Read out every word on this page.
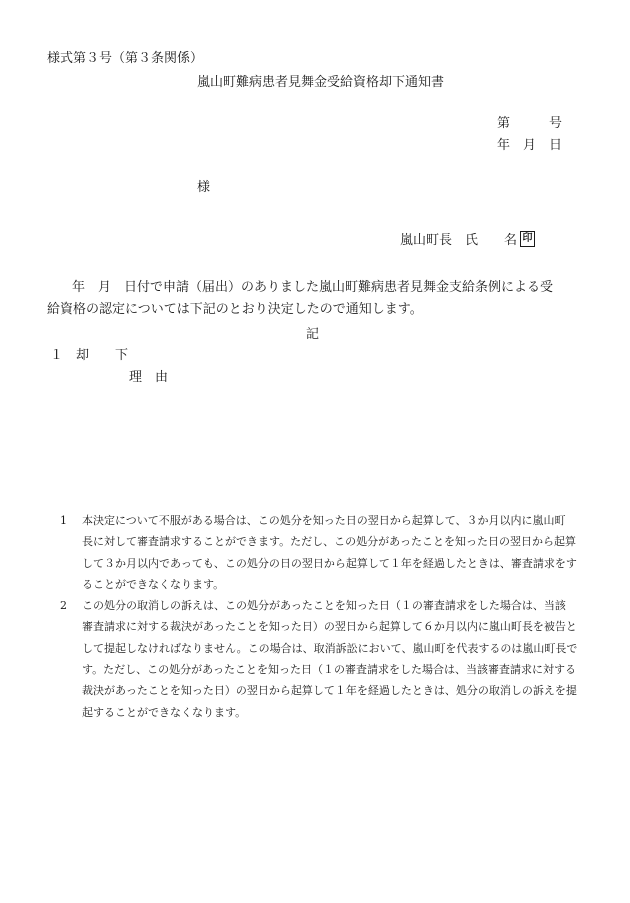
様式第３号（第３条関係）
嵐山町難病患者見舞金受給資格却下通知書
第　　　号
年　月　日
様
嵐山町長　氏　　名 印
年　月　日付で申請（届出）のありました嵐山町難病患者見舞金支給条例による受
給資格の認定については下記のとおり決定したので通知します。
記
１　却　　下
理　由
1	本決定について不服がある場合は、この処分を知った日の翌日から起算して、３か月以内に嵐山町
長に対して審査請求することができます。ただし、この処分があったことを知った日の翌日から起算
して３か月以内であっても、この処分の日の翌日から起算して１年を経過したときは、審査請求をす
ることができなくなります。
2	この処分の取消しの訴えは、この処分があったことを知った日（１の審査請求をした場合は、当該
審査請求に対する裁決があったことを知った日）の翌日から起算して６か月以内に嵐山町長を被告と
して提起しなければなりません。この場合は、取消訴訟において、嵐山町を代表するのは嵐山町長で
す。ただし、この処分があったことを知った日（１の審査請求をした場合は、当該審査請求に対する
裁決があったことを知った日）の翌日から起算して１年を経過したときは、処分の取消しの訴えを提
起することができなくなります。
